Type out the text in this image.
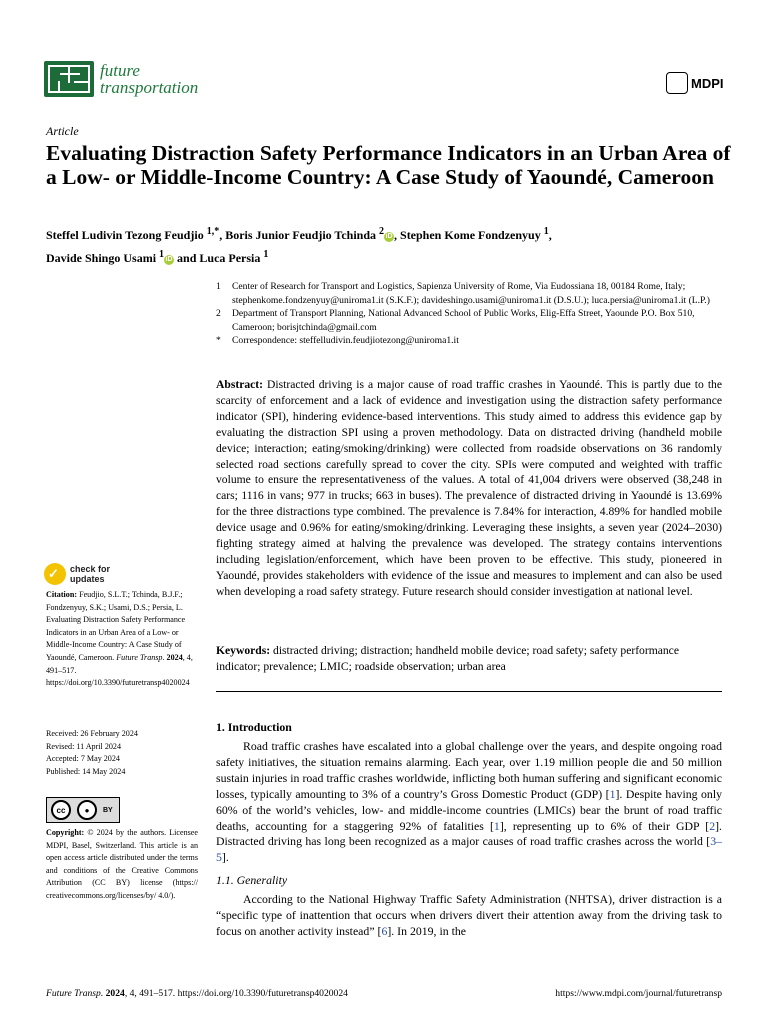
future
transportation	MDPI
Article
Evaluating Distraction Safety Performance Indicators in an Urban Area of a Low- or Middle-Income Country: A Case Study of Yaoundé, Cameroon
Steffel Ludivin Tezong Feudjio $^{1,*}$, Boris Junior Feudjio Tchinda $^2$ iD , Stephen Kome Fondzenyuy $^1$,
Davide Shingo Usami $^1$ iD and Luca Persia $^1$
1	Center of Research for Transport and Logistics, Sapienza University of Rome, Via Eudossiana 18, 00184 Rome, Italy; stephenkome.fondzenyuy@uniroma1.it (S.K.F.); davideshingo.usami@uniroma1.it (D.S.U.); luca.persia@uniroma1.it (L.P.)
2	Department of Transport Planning, National Advanced School of Public Works, Elig-Effa Street, Yaounde P.O. Box 510, Cameroon; borisjtchinda@gmail.com
*	Correspondence: steffelludivin.feudjiotezong@uniroma1.it
Abstract: Distracted driving is a major cause of road traffic crashes in Yaoundé. This is partly due to the scarcity of enforcement and a lack of evidence and investigation using the distraction safety performance indicator (SPI), hindering evidence-based interventions. This study aimed to address this evidence gap by evaluating the distraction SPI using a proven methodology. Data on distracted driving (handheld mobile device; interaction; eating/smoking/drinking) were collected from roadside observations on 36 randomly selected road sections carefully spread to cover the city. SPIs were computed and weighted with traffic volume to ensure the representativeness of the values. A total of 41,004 drivers were observed (38,248 in cars; 1116 in vans; 977 in trucks; 663 in buses). The prevalence of distracted driving in Yaoundé is 13.69% for the three distractions type combined. The prevalence is 7.84% for interaction, 4.89% for handled mobile device usage and 0.96% for eating/smoking/drinking. Leveraging these insights, a seven year (2024–2030) fighting strategy aimed at halving the prevalence was developed. The strategy contains interventions including legislation/enforcement, which have been proven to be effective. This study, pioneered in Yaoundé, provides stakeholders with evidence of the issue and measures to implement and can also be used when developing a road safety strategy. Future research should consider investigation at national level.
Keywords: distracted driving; distraction; handheld mobile device; road safety; safety performance indicator; prevalence; LMIC; roadside observation; urban area
✓ check for
updates
Citation: Feudjio, S.L.T.; Tchinda, B.J.F.; Fondzenyuy, S.K.; Usami, D.S.; Persia, L. Evaluating Distraction Safety Performance Indicators in an Urban Area of a Low- or Middle-Income Country: A Case Study of Yaoundé, Cameroon. Future Transp. 2024, 4, 491–517. https://doi.org/10.3390/futuretransp4020024
Received: 26 February 2024
Revised: 11 April 2024
Accepted: 7 May 2024
Published: 14 May 2024
cc	●	BY
Copyright: © 2024 by the authors. Licensee MDPI, Basel, Switzerland. This article is an open access article distributed under the terms and conditions of the Creative Commons Attribution (CC BY) license (https:// creativecommons.org/licenses/by/ 4.0/).
1. Introduction
Road traffic crashes have escalated into a global challenge over the years, and despite ongoing road safety initiatives, the situation remains alarming. Each year, over 1.19 million people die and 50 million sustain injuries in road traffic crashes worldwide, inflicting both human suffering and significant economic losses, typically amounting to 3% of a country’s Gross Domestic Product (GDP) [1]. Despite having only 60% of the world’s vehicles, low- and middle-income countries (LMICs) bear the brunt of road traffic deaths, accounting for a staggering 92% of fatalities [1], representing up to 6% of their GDP [2]. Distracted driving has long been recognized as a major causes of road traffic crashes across the world [3–5].
1.1. Generality
According to the National Highway Traffic Safety Administration (NHTSA), driver distraction is a “specific type of inattention that occurs when drivers divert their attention away from the driving task to focus on another activity instead” [6]. In 2019, in the
Future Transp. 2024, 4, 491–517. https://doi.org/10.3390/futuretransp4020024	https://www.mdpi.com/journal/futuretransp
